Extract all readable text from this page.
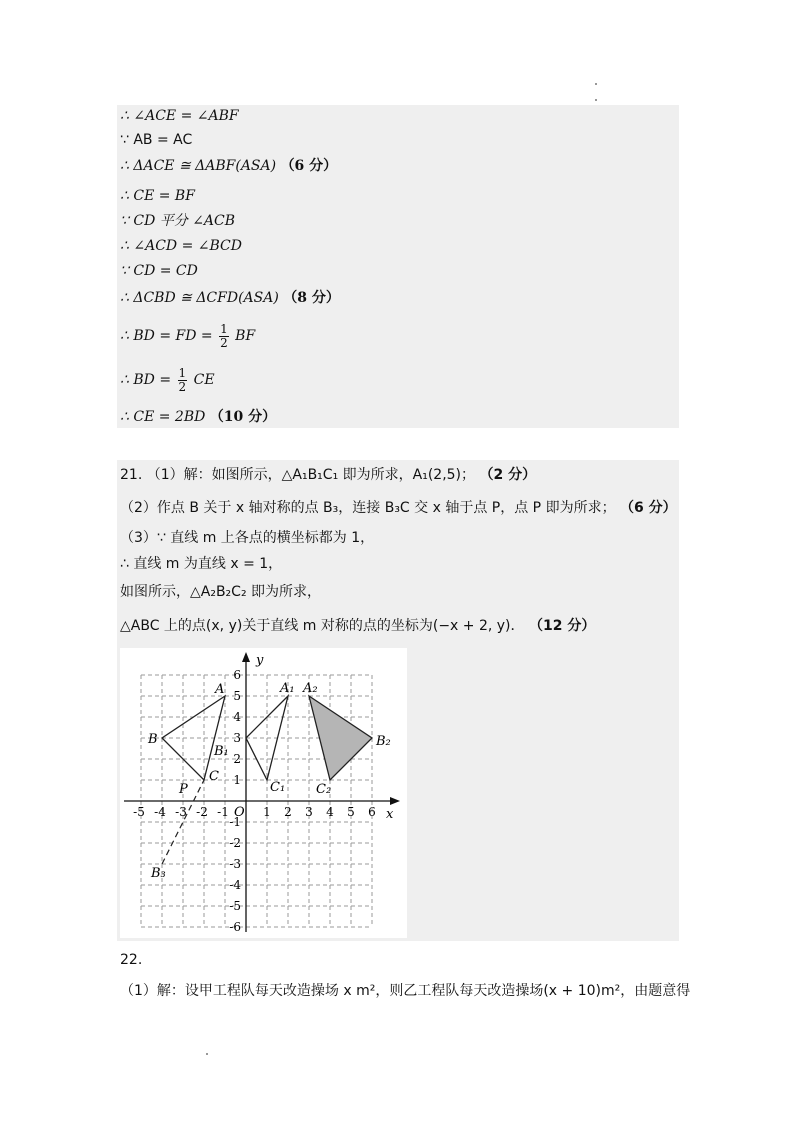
∴ ∠ACE = ∠ABF
∵ AB = AC
∴ ΔACE ≅ ΔABF(ASA) （6 分）
∴ CE = BF
∵ CD 平分 ∠ACB
∴ ∠ACD = ∠BCD
∵ CD = CD
∴ ΔCBD ≅ ΔCFD(ASA) （8 分）
∴ BD = FD = $\frac{1}{2}$ BF
∴ BD = $\frac{1}{2}$ CE
∴ CE = 2BD （10 分）
21. （1）解：如图所示，△A₁B₁C₁ 即为所求，A₁(2,5)； （2 分）
（2）作点 B 关于 x 轴对称的点 B₃，连接 B₃C 交 x 轴于点 P，点 P 即为所求； （6 分）
（3）∵ 直线 m 上各点的横坐标都为 1，
∴ 直线 m 为直线 x = 1，
如图所示，△A₂B₂C₂ 即为所求，
△ABC 上的点(x, y)关于直线 m 对称的点的坐标为(−x + 2, y)． （12 分）
x
y
O
-5 -4 -3 -2 -1	1 2 3 4 5 6
6
5
4
3
2
1
-1
-2
-3
-4
-5
-6
A
B
C
A₁
B₁
C₁
A₂
B₂
C₂
P
B₃
22.
（1）解：设甲工程队每天改造操场 x m²，则乙工程队每天改造操场(x + 10)m²，由题意得
